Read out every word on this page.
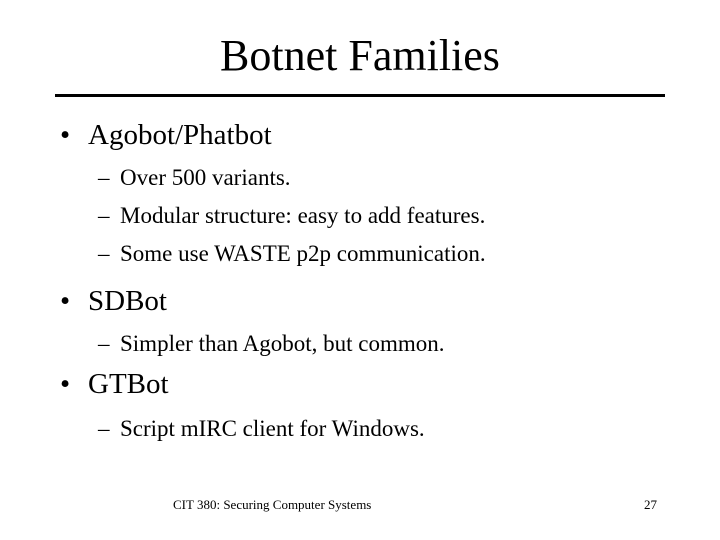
Botnet Families
• Agobot/Phatbot
– Over 500 variants.
– Modular structure: easy to add features.
– Some use WASTE p2p communication.
• SDBot
– Simpler than Agobot, but common.
• GTBot
– Script mIRC client for Windows.
CIT 380: Securing Computer Systems	27
